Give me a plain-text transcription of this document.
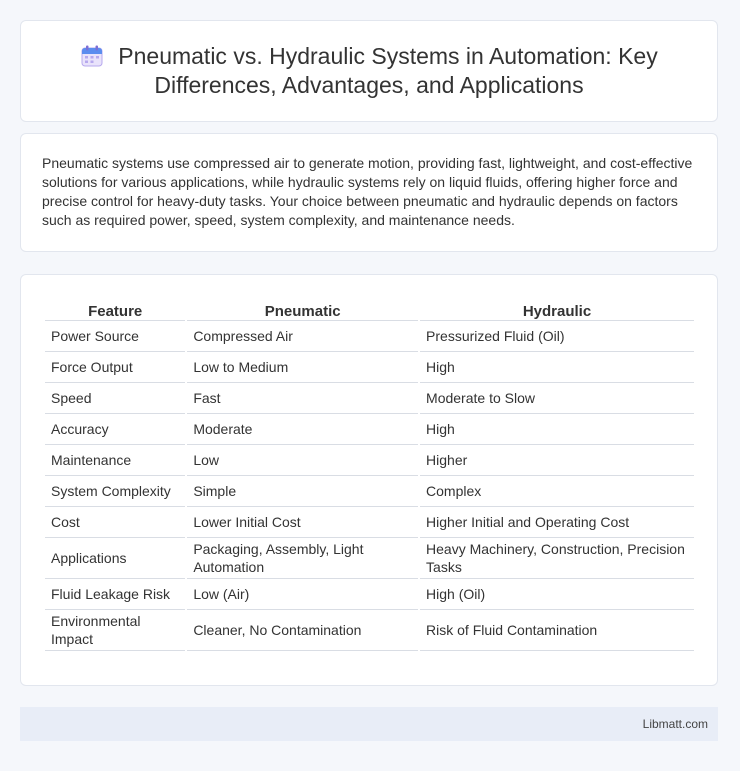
Pneumatic vs. Hydraulic Systems in Automation: Key Differences, Advantages, and Applications

Pneumatic systems use compressed air to generate motion, providing fast, lightweight, and cost-effective solutions for various applications, while hydraulic systems rely on liquid fluids, offering higher force and precise control for heavy-duty tasks. Your choice between pneumatic and hydraulic depends on factors such as required power, speed, system complexity, and maintenance needs.

Feature	Pneumatic	Hydraulic
Power Source	Compressed Air	Pressurized Fluid (Oil)
Force Output	Low to Medium	High
Speed	Fast	Moderate to Slow
Accuracy	Moderate	High
Maintenance	Low	Higher
System Complexity	Simple	Complex
Cost	Lower Initial Cost	Higher Initial and Operating Cost
Applications	Packaging, Assembly, Light Automation	Heavy Machinery, Construction, Precision Tasks
Fluid Leakage Risk	Low (Air)	High (Oil)
Environmental Impact	Cleaner, No Contamination	Risk of Fluid Contamination
Libmatt.com
